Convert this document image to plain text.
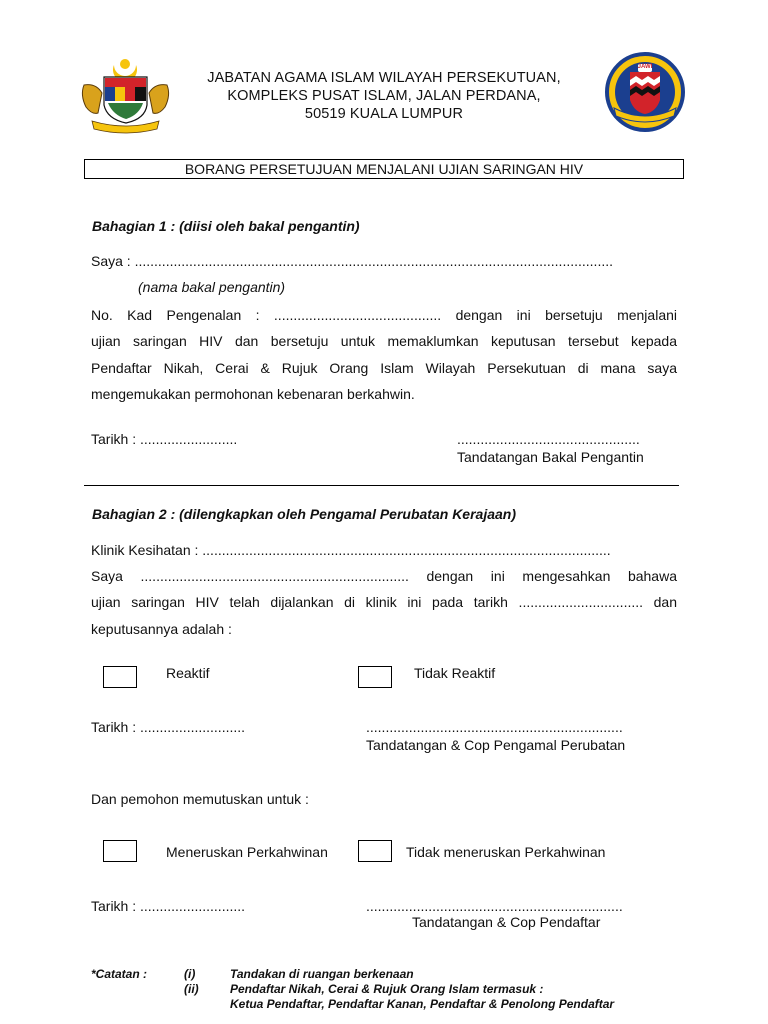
JABATAN AGAMA ISLAM WILAYAH PERSEKUTUAN,
KOMPLEKS PUSAT ISLAM, JALAN PERDANA,
50519 KUALA LUMPUR
JAWI
BORANG PERSETUJUAN MENJALANI UJIAN SARINGAN HIV
Bahagian 1 : (diisi oleh bakal pengantin)
Saya : ...........................................................................................................................
(nama bakal pengantin)
No. Kad Pengenalan : ........................................... dengan ini bersetuju menjalani
ujian saringan HIV dan bersetuju untuk memaklumkan keputusan tersebut kepada
Pendaftar Nikah, Cerai & Rujuk Orang Islam Wilayah Persekutuan di mana saya
mengemukakan permohonan kebenaran berkahwin.
Tarikh : .........................	...............................................
Tandatangan Bakal Pengantin
Bahagian 2 : (dilengkapkan oleh Pengamal Perubatan Kerajaan)
Klinik Kesihatan : .........................................................................................................
Saya ..................................................................... dengan ini mengesahkan bahawa
ujian saringan HIV telah dijalankan di klinik ini pada tarikh ................................ dan
keputusannya adalah :
Reaktif	Tidak Reaktif
Tarikh : ...........................	..................................................................
Tandatangan & Cop Pengamal Perubatan
Dan pemohon memutuskan untuk :
Meneruskan Perkahwinan	Tidak meneruskan Perkahwinan
Tarikh : ...........................	..................................................................
Tandatangan & Cop Pendaftar
*Catatan :	(i)	Tandakan di ruangan berkenaan
(ii)	Pendaftar Nikah, Cerai & Rujuk Orang Islam termasuk :
Ketua Pendaftar, Pendaftar Kanan, Pendaftar & Penolong Pendaftar
